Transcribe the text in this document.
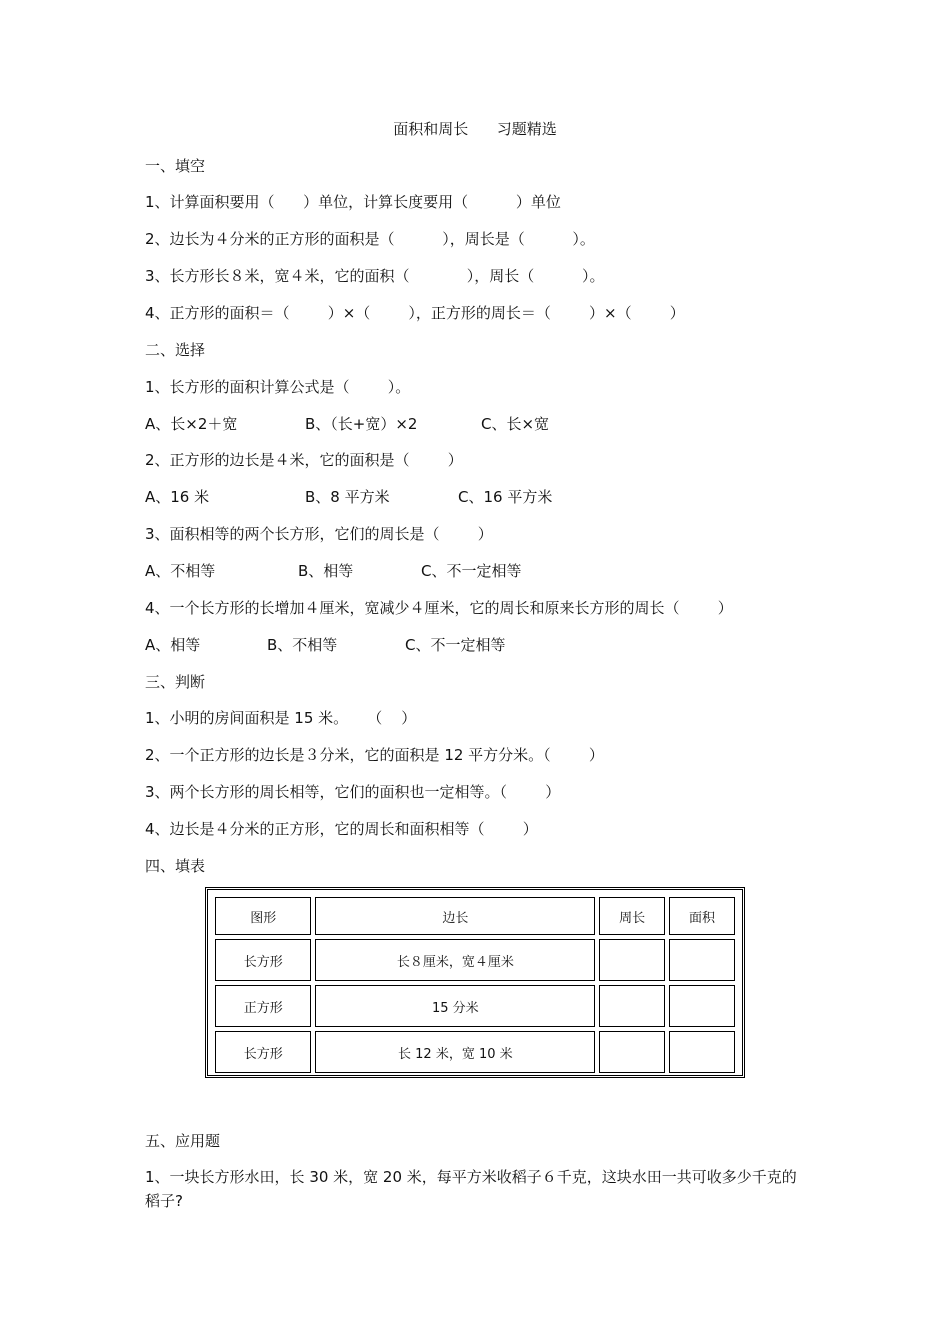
面积和周长      习题精选
一、填空
1、计算面积要用（      ）单位，计算长度要用（          ）单位
2、边长为４分米的正方形的面积是（          ），周长是（          ）。
3、长方形长８米，宽４米，它的面积（            ），周长（          ）。
4、正方形的面积＝（        ）×（        ），正方形的周长＝（        ）×（        ）
二、选择
1、长方形的面积计算公式是（        ）。
A、长×2＋宽	B、（长+宽）×2	C、长×宽
2、正方形的边长是４米，它的面积是（        ）
A、16 米	B、8 平方米	C、16 平方米
3、面积相等的两个长方形，它们的周长是（        ）
A、不相等	B、相等	C、不一定相等
4、一个长方形的长增加４厘米，宽减少４厘米，它的周长和原来长方形的周长（        ）
A、相等	B、不相等	C、不一定相等
三、判断
1、小明的房间面积是 15 米。    （    ）
2、一个正方形的边长是３分米，它的面积是 12 平方分米。（        ）
3、两个长方形的周长相等，它们的面积也一定相等。（        ）
4、边长是４分米的正方形，它的周长和面积相等（        ）
四、填表
图形	边长	周长	面积
长方形	长８厘米，宽４厘米		
正方形	15 分米		
长方形	长 12 米，宽 10 米		
五、应用题
1、一块长方形水田，长 30 米，宽 20 米，每平方米收稻子６千克，这块水田一共可收多少千克的稻子?
